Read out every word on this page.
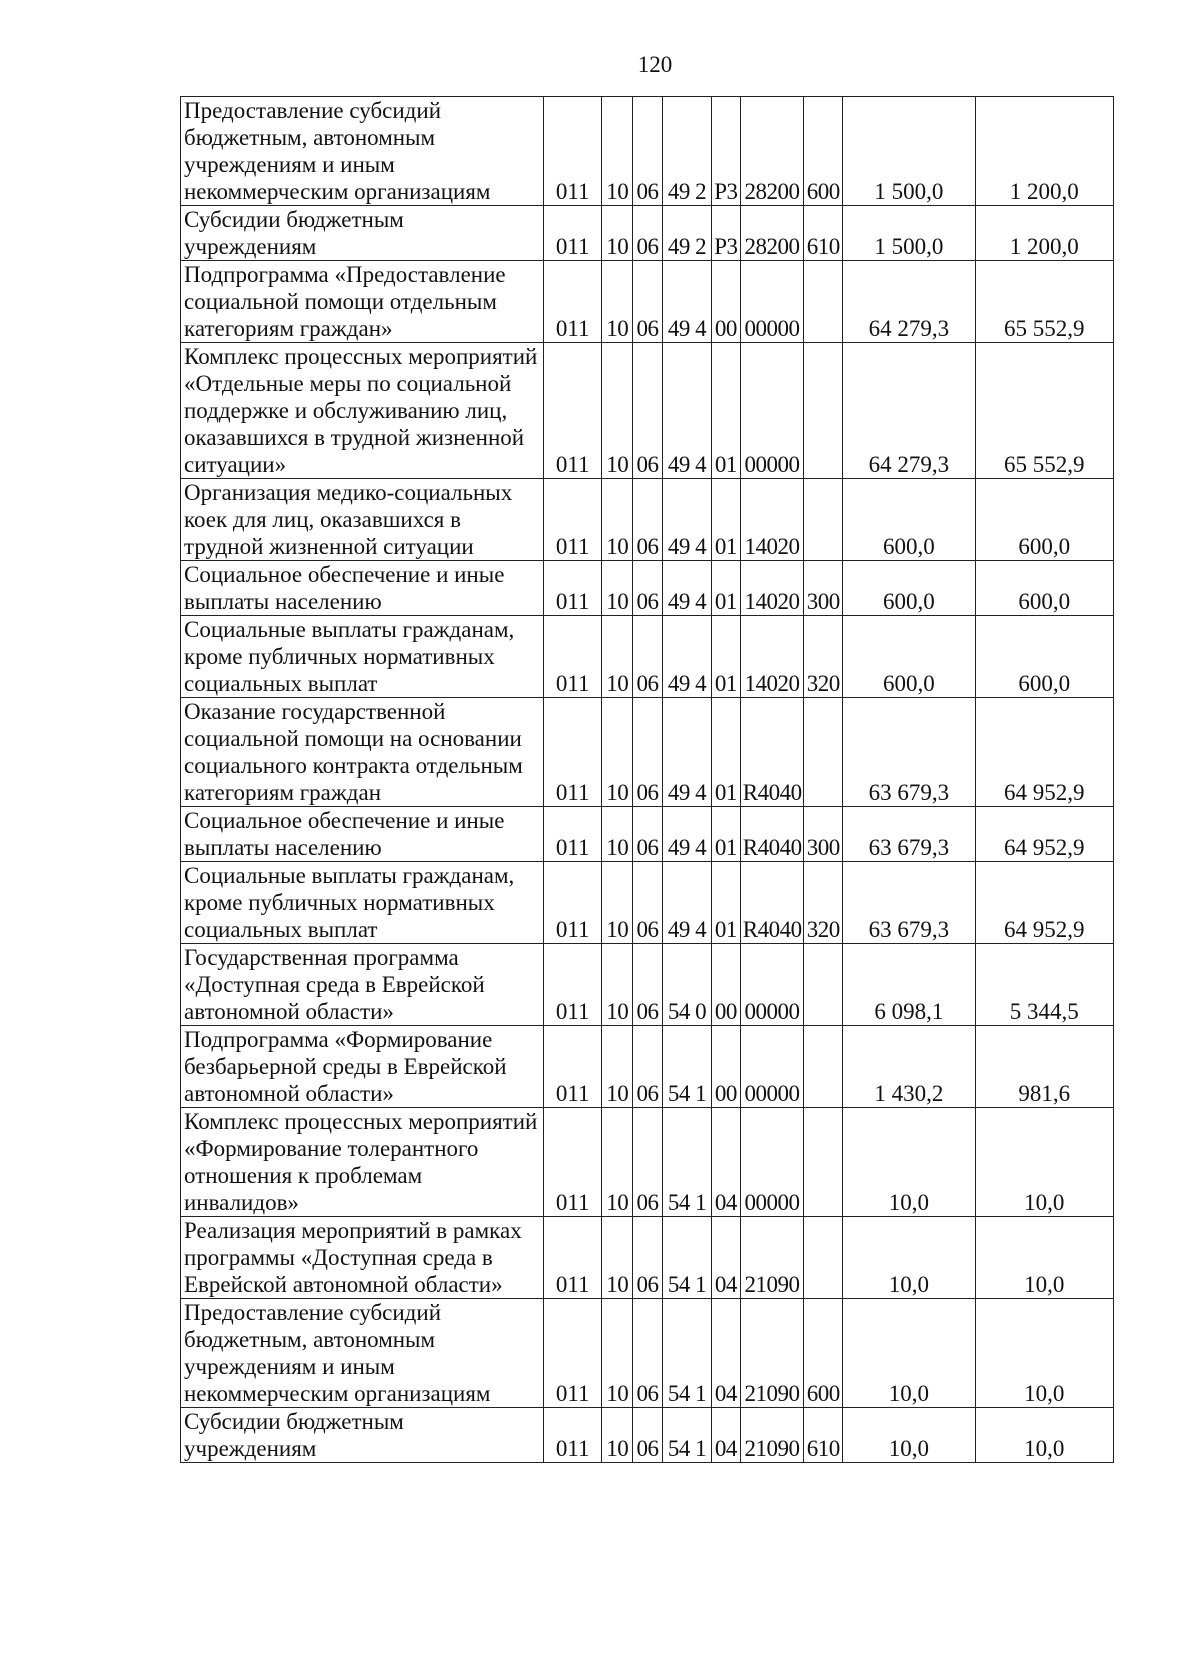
120
Предоставление субсидий бюджетным, автономным учреждениям и иным некоммерческим организациям	011	10	06	49 2	Р3	28200	600	1 500,0	1 200,0

Субсидии бюджетным учреждениям	011	10	06	49 2	Р3	28200	610	1 500,0	1 200,0

Подпрограмма «Предоставление социальной помощи отдельным категориям граждан»	011	10	06	49 4	00	00000		64 279,3	65 552,9

Комплекс процессных мероприятий «Отдельные меры по социальной поддержке и обслуживанию лиц, оказавшихся в трудной жизненной ситуации»	011	10	06	49 4	01	00000		64 279,3	65 552,9

Организация медико-социальных коек для лиц, оказавшихся в трудной жизненной ситуации	011	10	06	49 4	01	14020		600,0	600,0

Социальное обеспечение и иные выплаты населению	011	10	06	49 4	01	14020	300	600,0	600,0

Социальные выплаты гражданам, кроме публичных нормативных социальных выплат	011	10	06	49 4	01	14020	320	600,0	600,0

Оказание государственной социальной помощи на основании социального контракта отдельным категориям граждан	011	10	06	49 4	01	R4040		63 679,3	64 952,9

Социальное обеспечение и иные выплаты населению	011	10	06	49 4	01	R4040	300	63 679,3	64 952,9

Социальные выплаты гражданам, кроме публичных нормативных социальных выплат	011	10	06	49 4	01	R4040	320	63 679,3	64 952,9

Государственная программа «Доступная среда в Еврейской автономной области»	011	10	06	54 0	00	00000		6 098,1	5 344,5

Подпрограмма «Формирование безбарьерной среды в Еврейской автономной области»	011	10	06	54 1	00	00000		1 430,2	981,6

Комплекс процессных мероприятий «Формирование толерантного отношения к проблемам инвалидов»	011	10	06	54 1	04	00000		10,0	10,0

Реализация мероприятий в рамках программы «Доступная среда в Еврейской автономной области»	011	10	06	54 1	04	21090		10,0	10,0

Предоставление субсидий бюджетным, автономным учреждениям и иным некоммерческим организациям	011	10	06	54 1	04	21090	600	10,0	10,0

Субсидии бюджетным учреждениям	011	10	06	54 1	04	21090	610	10,0	10,0
